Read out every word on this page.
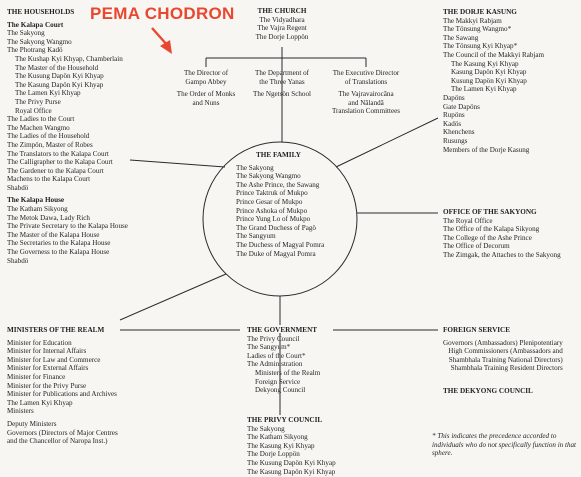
PEMA CHODRON
THE HOUSEHOLDS
The Kalapa Court
The Sakyong
The Sakyong Wangmo
The Photrang Kadö
The Kushap Kyi Khyap, Chamberlain
The Master of the Household
The Kusung Dapön Kyi Khyap
The Kasung Dapön Kyi Khyap
The Lamen Kyi Khyap
The Privy Purse
Royal Office
The Ladies to the Court
The Machen Wangmo
The Ladies of the Household
The Zimpön, Master of Robes
The Translators to the Kalapa Court
The Calligrapher to the Kalapa Court
The Gardener to the Kalapa Court
Machens to the Kalapa Court
Shabdö
The Kalapa House
The Katham Sikyong
The Metok Dawa, Lady Rich
The Private Secretary to the Kalapa House
The Master of the Kalapa House
The Secretaries to the Kalapa House
The Governess to the Kalapa House
Shabdö
THE CHURCH
The Vidyadhara
The Vajra Regent
The Dorje Loppön
The Director of
Gampo Abbey
The Order of Monks
and Nuns
The Department of
the Three Yanas
The Ngetsön School
The Executive Director
of Translations
The Vajravairocāna
and Nālandā
Translation Committees
THE DORJE KASUNG
The Makkyi Rabjam
The Tönsung Wangmo*
The Sawang
The Tönsung Kyi Khyap*
The Council of the Makkyi Rabjam
The Kasung Kyi Khyap
Kasung Dapön Kyi Khyap
Kusung Dapön Kyi Khyap
The Lamen Kyi Khyap
Dapöns
Gate Dapöns
Rupöns
Kadös
Khenchens
Rusungs
Members of the Dorje Kasung
THE FAMILY
The Sakyong
The Sakyong Wangmo
The Ashe Prince, the Sawang
Prince Taktruk of Mukpo
Prince Gesar of Mukpo
Prince Ashoka of Mukpo
Prince Yung Lo of Mukpo
The Grand Duchess of Pagö
The Sangyum
The Duchess of Magyal Pomra
The Duke of Magyal Pomra
OFFICE OF THE SAKYONG
The Royal Office
The Office of the Kalapa Sikyong
The College of the Ashe Prince
The Office of Decorum
The Zimgak, the Attaches to the Sakyong
MINISTERS OF THE REALM
Minister for Education
Minister for Internal Affairs
Minister for Law and Commerce
Minister for External Affairs
Minister for Finance
Minister for the Privy Purse
Minister for Publications and Archives
The Lamen Kyi Khyap
Ministers
Deputy Ministers
Governors (Directors of Major Centres
and the Chancellor of Naropa Inst.)
THE GOVERNMENT
The Privy Council
The Sangyum*
Ladies of the Court*
The Administration
Ministers of the Realm
Foreign Service
Dekyong Council
THE PRIVY COUNCIL
The Sakyong
The Katham Sikyong
The Kasung Kyi Khyap
The Dorje Loppön
The Kusung Dapön Kyi Khyap
The Kasung Dapön Kyi Khyap
FOREIGN SERVICE
Governors (Ambassadors) Plenipotentiary
High Commissioners (Ambassadors and
Shambhala Training National Directors)
Shambhala Training Resident Directors
THE DEKYONG COUNCIL
* This indicates the precedence accorded to individuals who do not specifically function in that sphere.
